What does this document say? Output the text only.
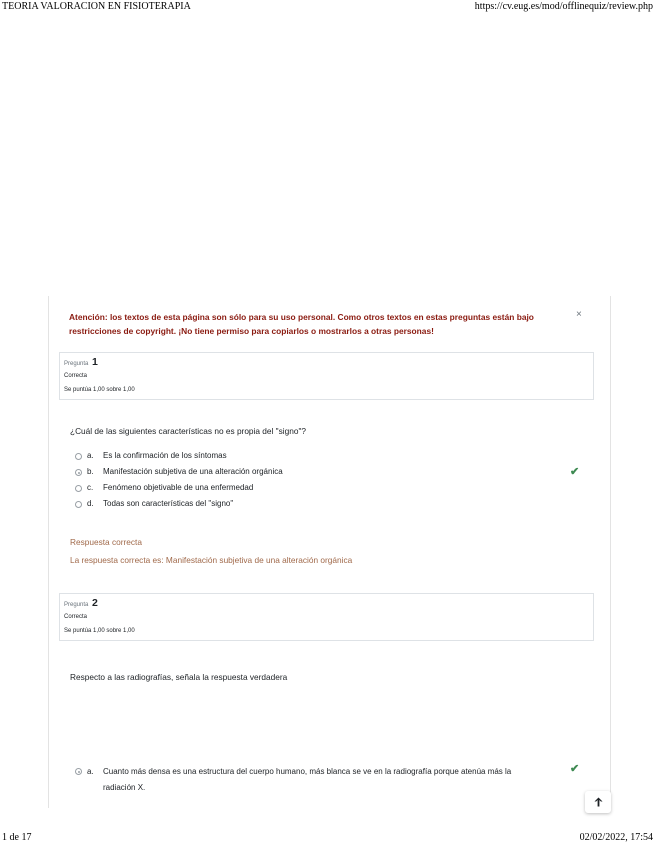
TEORIA VALORACION EN FISIOTERAPIA	https://cv.eug.es/mod/offlinequiz/review.php
Atención: los textos de esta página son sólo para su uso personal. Como otros textos en estas preguntas están bajo restricciones de copyright. ¡No tiene permiso para copiarlos o mostrarlos a otras personas!
×
Pregunta 1
Correcta
Se puntúa 1,00 sobre 1,00
¿Cuál de las siguientes características no es propia del "signo"?
a. Es la confirmación de los síntomas
b. Manifestación subjetiva de una alteración orgánica	✔
c. Fenómeno objetivable de una enfermedad
d. Todas son características del "signo"
Respuesta correcta
La respuesta correcta es: Manifestación subjetiva de una alteración orgánica
Pregunta 2
Correcta
Se puntúa 1,00 sobre 1,00
Respecto a las radiografías, señala la respuesta verdadera
a. Cuanto más densa es una estructura del cuerpo humano, más blanca se ve en la radiografía porque atenúa más la radiación X.
✔
1 de 17	02/02/2022, 17:54
